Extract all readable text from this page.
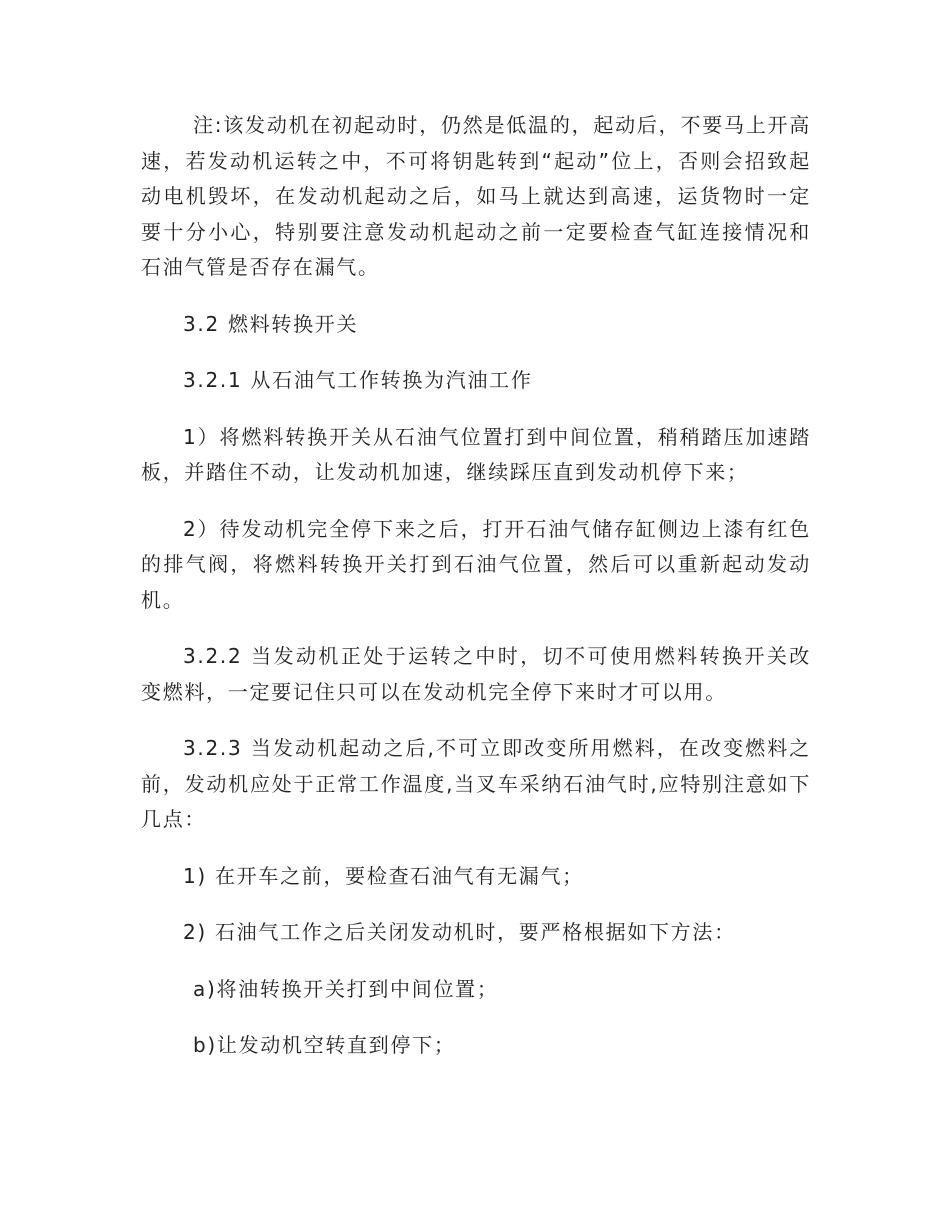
注:该发动机在初起动时，仍然是低温的，起动后，不要马上开高速，若发动机运转之中，不可将钥匙转到“起动”位上，否则会招致起动电机毁坏，在发动机起动之后，如马上就达到高速，运货物时一定要十分小心，特别要注意发动机起动之前一定要检查气缸连接情况和石油气管是否存在漏气。

3.2 燃料转换开关

3.2.1 从石油气工作转换为汽油工作

1）将燃料转换开关从石油气位置打到中间位置，稍稍踏压加速踏板，并踏住不动，让发动机加速，继续踩压直到发动机停下来；

2）待发动机完全停下来之后，打开石油气储存缸侧边上漆有红色的排气阀，将燃料转换开关打到石油气位置，然后可以重新起动发动机。

3.2.2 当发动机正处于运转之中时，切不可使用燃料转换开关改变燃料，一定要记住只可以在发动机完全停下来时才可以用。

3.2.3 当发动机起动之后,不可立即改变所用燃料，在改变燃料之前，发动机应处于正常工作温度,当叉车采纳石油气时,应特别注意如下几点：

1) 在开车之前，要检查石油气有无漏气；

2) 石油气工作之后关闭发动机时，要严格根据如下方法：

a)将油转换开关打到中间位置；

b)让发动机空转直到停下；
